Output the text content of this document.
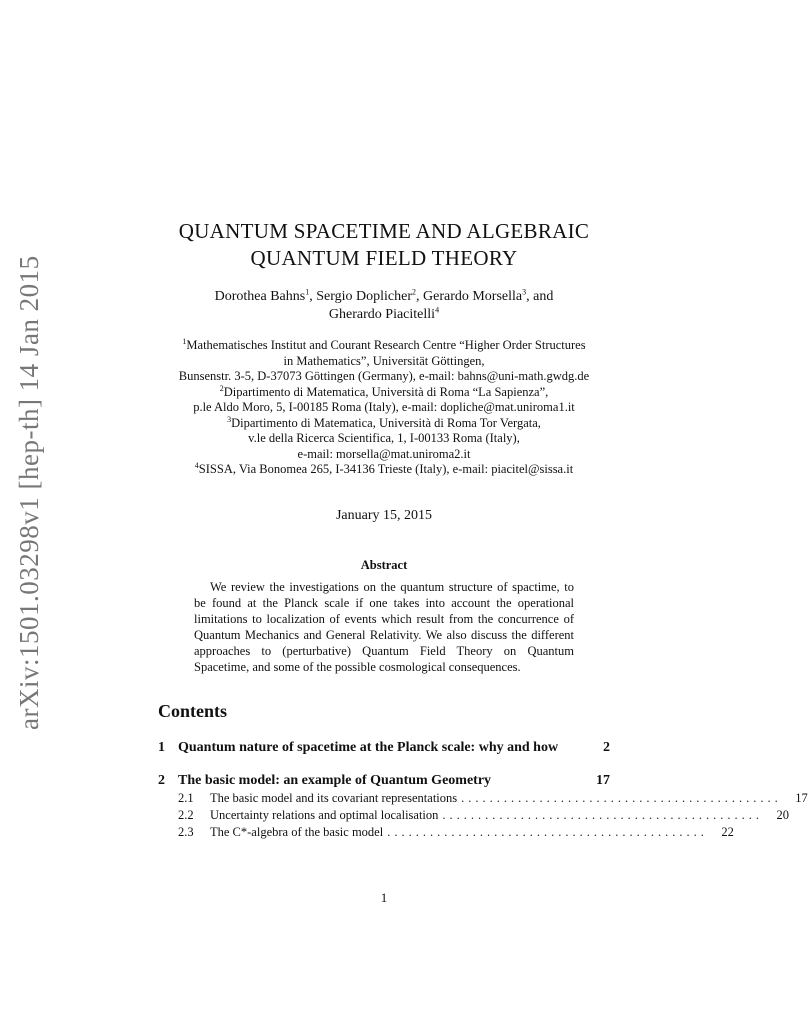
arXiv:1501.03298v1 [hep-th] 14 Jan 2015
QUANTUM SPACETIME AND ALGEBRAIC
QUANTUM FIELD THEORY
Dorothea Bahns$^1$, Sergio Doplicher$^2$, Gerardo Morsella$^3$, and
Gherardo Piacitelli$^4$
$^1$Mathematisches Institut and Courant Research Centre “Higher Order Structures
in Mathematics”, Universität Göttingen,
Bunsenstr. 3-5, D-37073 Göttingen (Germany), e-mail: bahns@uni-math.gwdg.de
$^2$Dipartimento di Matematica, Università di Roma “La Sapienza”,
p.le Aldo Moro, 5, I-00185 Roma (Italy), e-mail: dopliche@mat.uniroma1.it
$^3$Dipartimento di Matematica, Università di Roma Tor Vergata,
v.le della Ricerca Scientifica, 1, I-00133 Roma (Italy),
e-mail: morsella@mat.uniroma2.it
$^4$SISSA, Via Bonomea 265, I-34136 Trieste (Italy), e-mail: piacitel@sissa.it
January 15, 2015
Abstract
We review the investigations on the quantum structure of spactime, to be found at the Planck scale if one takes into account the operational limitations to localization of events which result from the concurrence of Quantum Mechanics and General Relativity. We also discuss the different approaches to (perturbative) Quantum Field Theory on Quantum Spacetime, and some of the possible cosmological consequences.
Contents
1 Quantum nature of spacetime at the Planck scale: why and how	2
2 The basic model: an example of Quantum Geometry	17
2.1	The basic model and its covariant representations .............................................	17
2.2	Uncertainty relations and optimal localisation .............................................	20
2.3	The C*-algebra of the basic model .............................................	22
1
